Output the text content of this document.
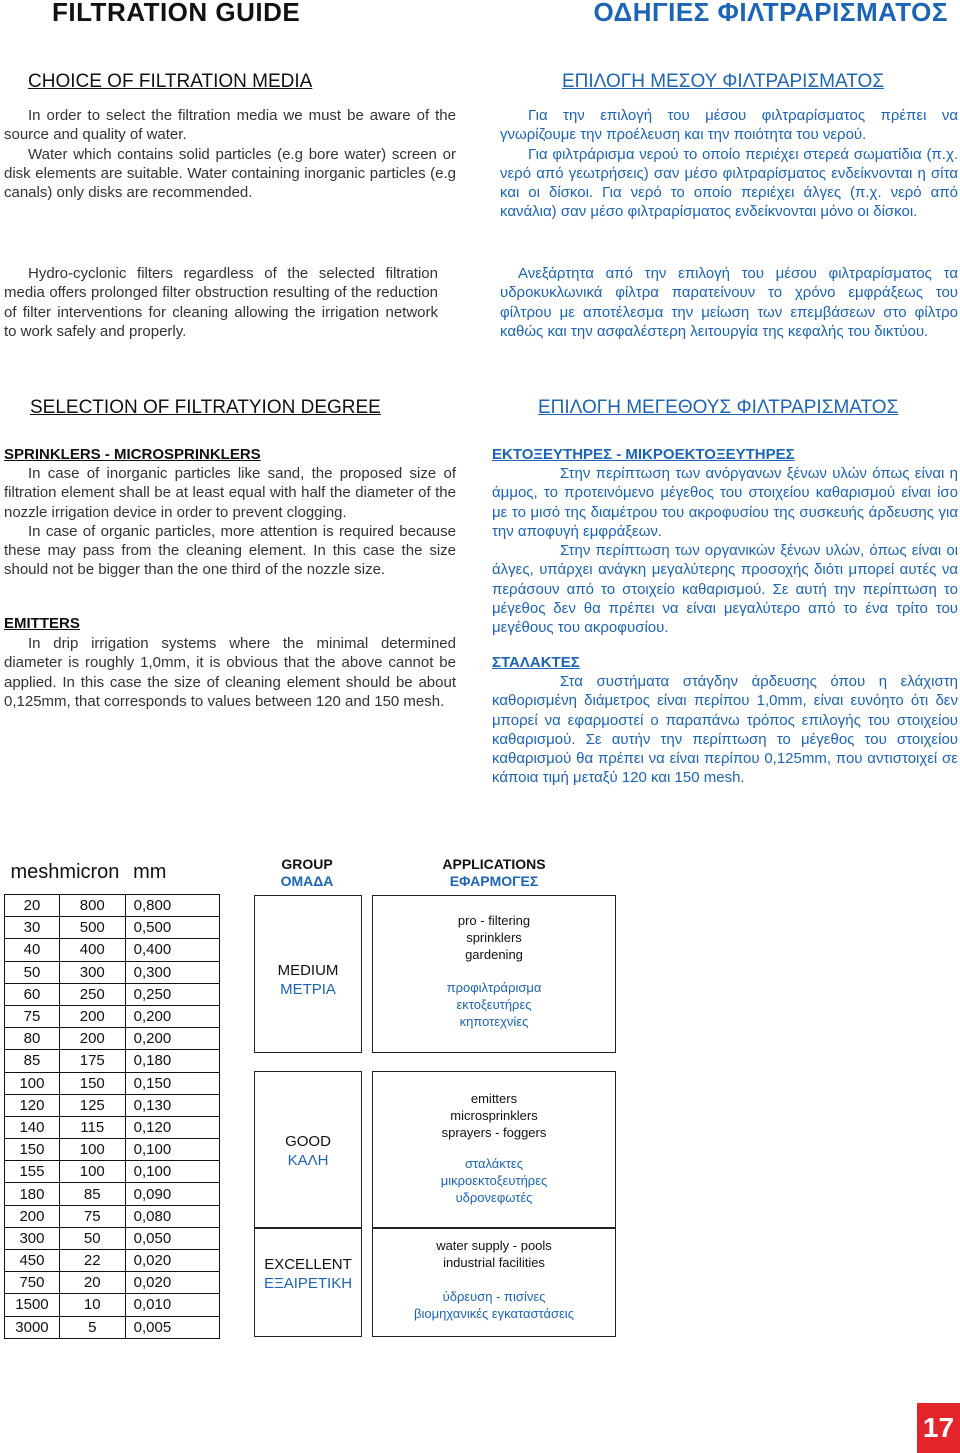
FILTRATION GUIDE	ΟΔΗΓΙΕΣ ΦΙΛΤΡΑΡΙΣΜΑΤΟΣ
CHOICE OF FILTRATION MEDIA	ΕΠΙΛΟΓΗ ΜΕΣΟΥ ΦΙΛΤΡΑΡΙΣΜΑΤΟΣ
In order to select the filtration media we must be aware of the source and quality of water.
Water which contains solid particles (e.g bore water) screen or disk elements are suitable. Water containing inorganic particles (e.g canals) only disks are recommended.
Για την επιλογή του μέσου φιλτραρίσματος πρέπει να γνωρίζουμε την προέλευση και την ποιότητα του νερού.
Για φιλτράρισμα νερού το οποίο περιέχει στερεά σωματίδια (π.χ. νερό από γεωτρήσεις) σαν μέσο φιλτραρίσματος ενδείκνονται η σίτα και οι δίσκοι. Για νερό το οποίο περιέχει άλγες (π.χ. νερό από κανάλια) σαν μέσο φιλτραρίσματος ενδείκνονται μόνο οι δίσκοι.
Hydro-cyclonic filters regardless of the selected filtration media offers prolonged filter obstruction resulting of the reduction of filter interventions for cleaning allowing the irrigation network to work safely and properly.
Ανεξάρτητα από την επιλογή του μέσου φιλτραρίσματος τα υδροκυκλωνικά φίλτρα παρατείνουν το χρόνο εμφράξεως του φίλτρου με αποτέλεσμα την μείωση των επεμβάσεων στο φίλτρο καθώς και την ασφαλέστερη λειτουργία της κεφαλής του δικτύου.
SELECTION OF FILTRATYION DEGREE	ΕΠΙΛΟΓΗ ΜΕΓΕΘΟΥΣ ΦΙΛΤΡΑΡΙΣΜΑΤΟΣ
SPRINKLERS - MICROSPRINKLERS
In case of inorganic particles like sand, the proposed size of filtration element shall be at least equal with half the diameter of the nozzle irrigation device in order to prevent clogging.
In case of organic particles, more attention is required because these may pass from the cleaning element. In this case the size should not be bigger than the one third of the nozzle size.
ΕΚΤΟΞΕΥΤΗΡΕΣ - ΜΙΚΡΟΕΚΤΟΞΕΥΤΗΡΕΣ
Στην περίπτωση των ανόργανων ξένων υλών όπως είναι η άμμος, το προτεινόμενο μέγεθος του στοιχείου καθαρισμού είναι ίσο με το μισό της διαμέτρου του ακροφυσίου της συσκευής άρδευσης για την αποφυγή εμφράξεων.
Στην περίπτωση των οργανικών ξένων υλών, όπως είναι οι άλγες, υπάρχει ανάγκη μεγαλύτερης προσοχής διότι μπορεί αυτές να περάσουν από το στοιχείο καθαρισμού. Σε αυτή την περίπτωση το μέγεθος δεν θα πρέπει να είναι μεγαλύτερο από το ένα τρίτο του μεγέθους του ακροφυσίου.
EMITTERS
In drip irrigation systems where the minimal determined diameter is roughly 1,0mm, it is obvious that the above cannot be applied. In this case the size of cleaning element should be about 0,125mm, that corresponds to values between 120 and 150 mesh.
ΣΤΑΛΑΚΤΕΣ
Στα συστήματα στάγδην άρδευσης όπου η ελάχιστη καθορισμένη διάμετρος είναι περίπου 1,0mm, είναι ευνόητο ότι δεν μπορεί να εφαρμοστεί ο παραπάνω τρόπος επιλογής του στοιχείου καθαρισμού. Σε αυτήν την περίπτωση το μέγεθος του στοιχείου καθαρισμού θα πρέπει να είναι περίπου 0,125mm, που αντιστοιχεί σε κάποια τιμή μεταξύ 120 και 150 mesh.
mesh	micron	mm
20	800	0,800
30	500	0,500
40	400	0,400
50	300	0,300
60	250	0,250
75	200	0,200
80	200	0,200
85	175	0,180
100	150	0,150
120	125	0,130
140	115	0,120
150	100	0,100
155	100	0,100
180	85	0,090
200	75	0,080
300	50	0,050
450	22	0,020
750	20	0,020
1500	10	0,010
3000	5	0,005
GROUP
ΟΜΑΔΑ
MEDIUM
ΜΕΤΡΙΑ
GOOD
ΚΑΛΗ
EXCELLENT
ΕΞΑΙΡΕΤΙΚΗ
APPLICATIONS
ΕΦΑΡΜΟΓΕΣ
pro - filtering
sprinklers
gardening
προφιλτράρισμα
εκτοξευτήρες
κηποτεχνίες
emitters
microsprinklers
sprayers - foggers
σταλάκτες
μικροεκτοξευτήρες
υδρονεφωτές
water supply - pools
industrial facilities
ύδρευση - πισίνες
βιομηχανικές εγκαταστάσεις
17
